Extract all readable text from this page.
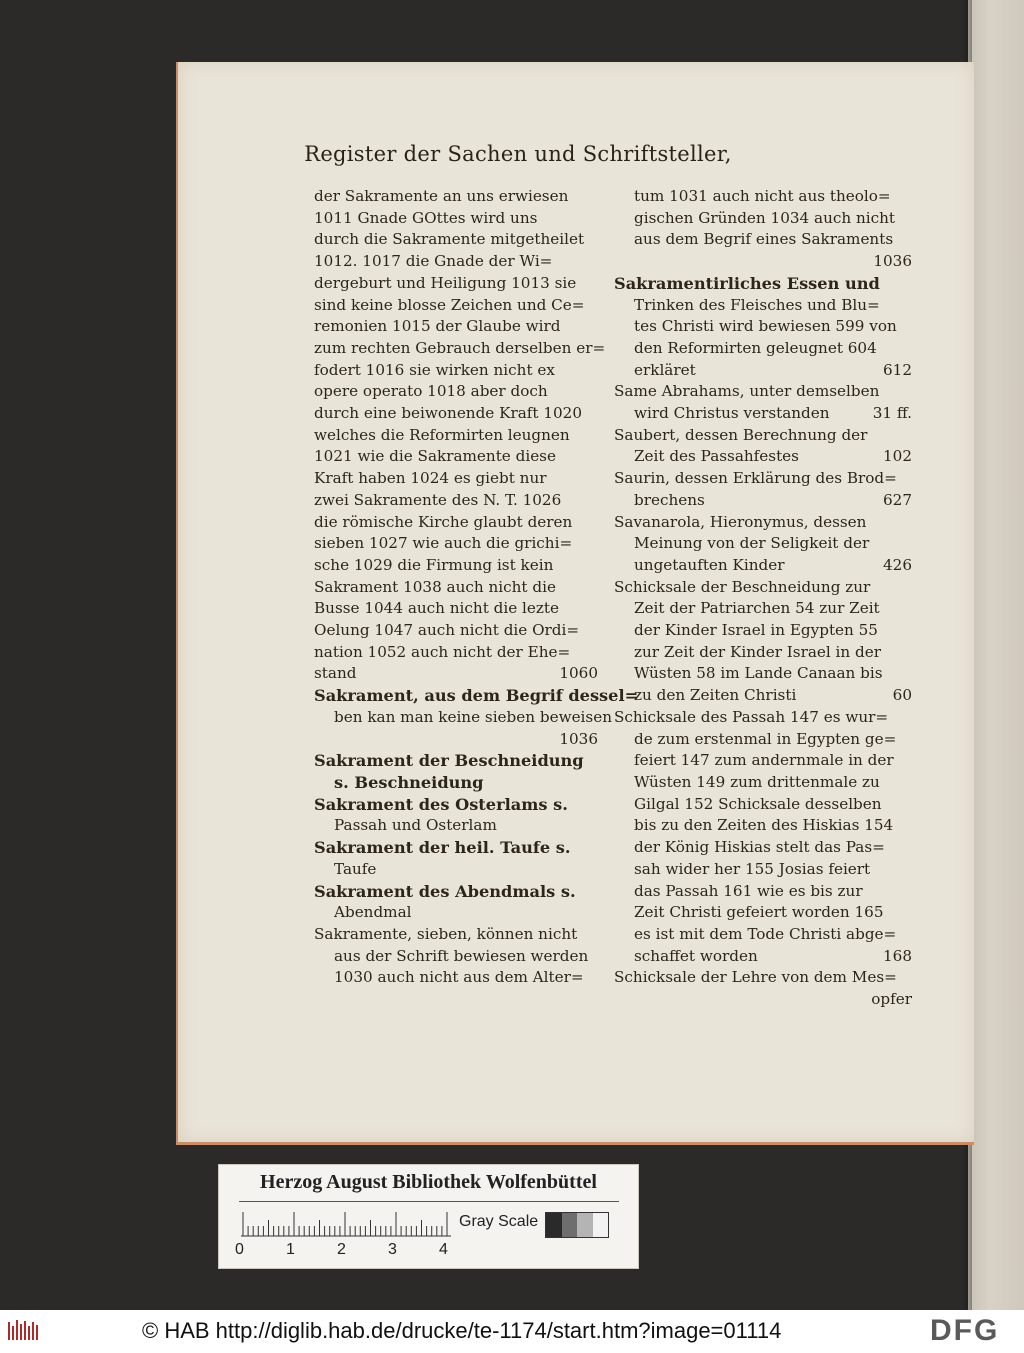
Register der Sachen und Schriftsteller,
der Sakramente an uns erwiesen
1011 Gnade GOttes wird uns
durch die Sakramente mitgetheilet
1012. 1017 die Gnade der Wi=
dergeburt und Heiligung 1013 sie
sind keine blosse Zeichen und Ce=
remonien 1015 der Glaube wird
zum rechten Gebrauch derselben er=
fodert 1016 sie wirken nicht ex
opere operato 1018 aber doch
durch eine beiwonende Kraft 1020
welches die Reformirten leugnen
1021 wie die Sakramente diese
Kraft haben 1024 es giebt nur
zwei Sakramente des N. T. 1026
die römische Kirche glaubt deren
sieben 1027 wie auch die grichi=
sche 1029 die Firmung ist kein
Sakrament 1038 auch nicht die
Busse 1044 auch nicht die lezte
Oelung 1047 auch nicht die Ordi=
nation 1052 auch nicht der Ehe=
stand	1060
Sakrament, aus dem Begrif dessel=
ben kan man keine sieben beweisen
1036
Sakrament der Beschneidung
s. Beschneidung
Sakrament des Osterlams s.
Passah und Osterlam
Sakrament der heil. Taufe s.
Taufe
Sakrament des Abendmals s.
Abendmal
Sakramente, sieben, können nicht
aus der Schrift bewiesen werden
1030 auch nicht aus dem Alter=
tum 1031 auch nicht aus theolo=
gischen Gründen 1034 auch nicht
aus dem Begrif eines Sakraments
1036
Sakramentirliches Essen und
Trinken des Fleisches und Blu=
tes Christi wird bewiesen 599 von
den Reformirten geleugnet 604
erkläret	612
Same Abrahams, unter demselben
wird Christus verstanden	31 ff.
Saubert, dessen Berechnung der
Zeit des Passahfestes	102
Saurin, dessen Erklärung des Brod=
brechens	627
Savanarola, Hieronymus, dessen
Meinung von der Seligkeit der
ungetauften Kinder	426
Schicksale der Beschneidung zur
Zeit der Patriarchen 54 zur Zeit
der Kinder Israel in Egypten 55
zur Zeit der Kinder Israel in der
Wüsten 58 im Lande Canaan bis
zu den Zeiten Christi	60
Schicksale des Passah 147 es wur=
de zum erstenmal in Egypten ge=
feiert 147 zum andernmale in der
Wüsten 149 zum drittenmale zu
Gilgal 152 Schicksale desselben
bis zu den Zeiten des Hiskias 154
der König Hiskias stelt das Pas=
sah wider her 155 Josias feiert
das Passah 161 wie es bis zur
Zeit Christi gefeiert worden 165
es ist mit dem Tode Christi abge=
schaffet worden	168
Schicksale der Lehre von dem Mes=
opfer
Herzog August Bibliothek Wolfenbüttel
0	1	2	3	4
Gray Scale
© HAB http://diglib.hab.de/drucke/te-1174/start.htm?image=01114	DFG
